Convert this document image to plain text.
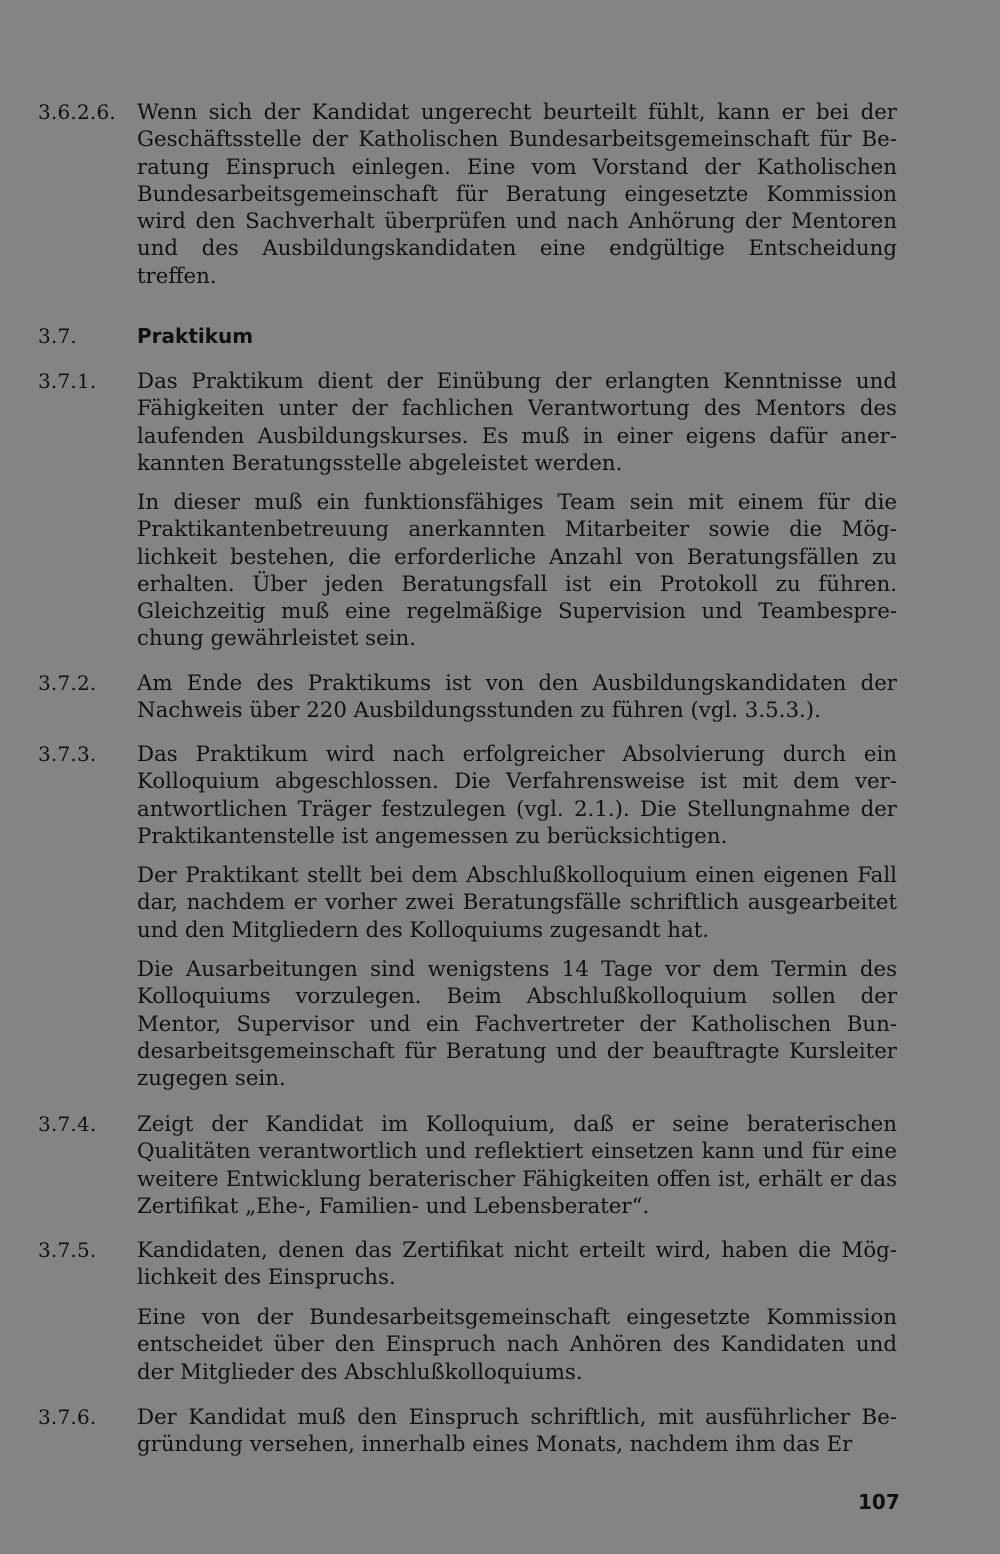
3.6.2.6. Wenn sich der Kandidat ungerecht beurteilt fühlt, kann er bei der Geschäftsstelle der Katholischen Bundesarbeitsgemeinschaft für Beratung Einspruch einlegen. Eine vom Vorstand der Katholischen Bundesarbeitsgemeinschaft für Beratung eingesetzte Kommission wird den Sachverhalt überprüfen und nach Anhörung der Mentoren und des Ausbildungskandidaten eine endgültige Entscheidung treffen.
3.7.	Praktikum
3.7.1. Das Praktikum dient der Einübung der erlangten Kenntnisse und Fähigkeiten unter der fachlichen Verantwortung des Mentors des laufenden Ausbildungskurses. Es muß in einer eigens dafür anerkannten Beratungsstelle abgeleistet werden.
In dieser muß ein funktionsfähiges Team sein mit einem für die Praktikantenbetreuung anerkannten Mitarbeiter sowie die Möglichkeit bestehen, die erforderliche Anzahl von Beratungsfällen zu erhalten. Über jeden Beratungsfall ist ein Protokoll zu führen. Gleichzeitig muß eine regelmäßige Supervision und Teambesprechung gewährleistet sein.
3.7.2. Am Ende des Praktikums ist von den Ausbildungskandidaten der Nachweis über 220 Ausbildungsstunden zu führen (vgl. 3.5.3.).
3.7.3. Das Praktikum wird nach erfolgreicher Absolvierung durch ein Kolloquium abgeschlossen. Die Verfahrensweise ist mit dem verantwortlichen Träger festzulegen (vgl. 2.1.). Die Stellungnahme der Praktikantenstelle ist angemessen zu berücksichtigen.
Der Praktikant stellt bei dem Abschlußkolloquium einen eigenen Fall dar, nachdem er vorher zwei Beratungsfälle schriftlich ausgearbeitet und den Mitgliedern des Kolloquiums zugesandt hat.
Die Ausarbeitungen sind wenigstens 14 Tage vor dem Termin des Kolloquiums vorzulegen. Beim Abschlußkolloquium sollen der Mentor, Supervisor und ein Fachvertreter der Katholischen Bundesarbeitsgemeinschaft für Beratung und der beauftragte Kursleiter zugegen sein.
3.7.4. Zeigt der Kandidat im Kolloquium, daß er seine beraterischen Qualitäten verantwortlich und reflektiert einsetzen kann und für eine weitere Entwicklung beraterischer Fähigkeiten offen ist, erhält er das Zertifikat „Ehe-, Familien- und Lebensberater“.
3.7.5. Kandidaten, denen das Zertifikat nicht erteilt wird, haben die Möglichkeit des Einspruchs.
Eine von der Bundesarbeitsgemeinschaft eingesetzte Kommission entscheidet über den Einspruch nach Anhören des Kandidaten und der Mitglieder des Abschlußkolloquiums.
3.7.6. Der Kandidat muß den Einspruch schriftlich, mit ausführlicher Begründung versehen, innerhalb eines Monats, nachdem ihm das Er
107
